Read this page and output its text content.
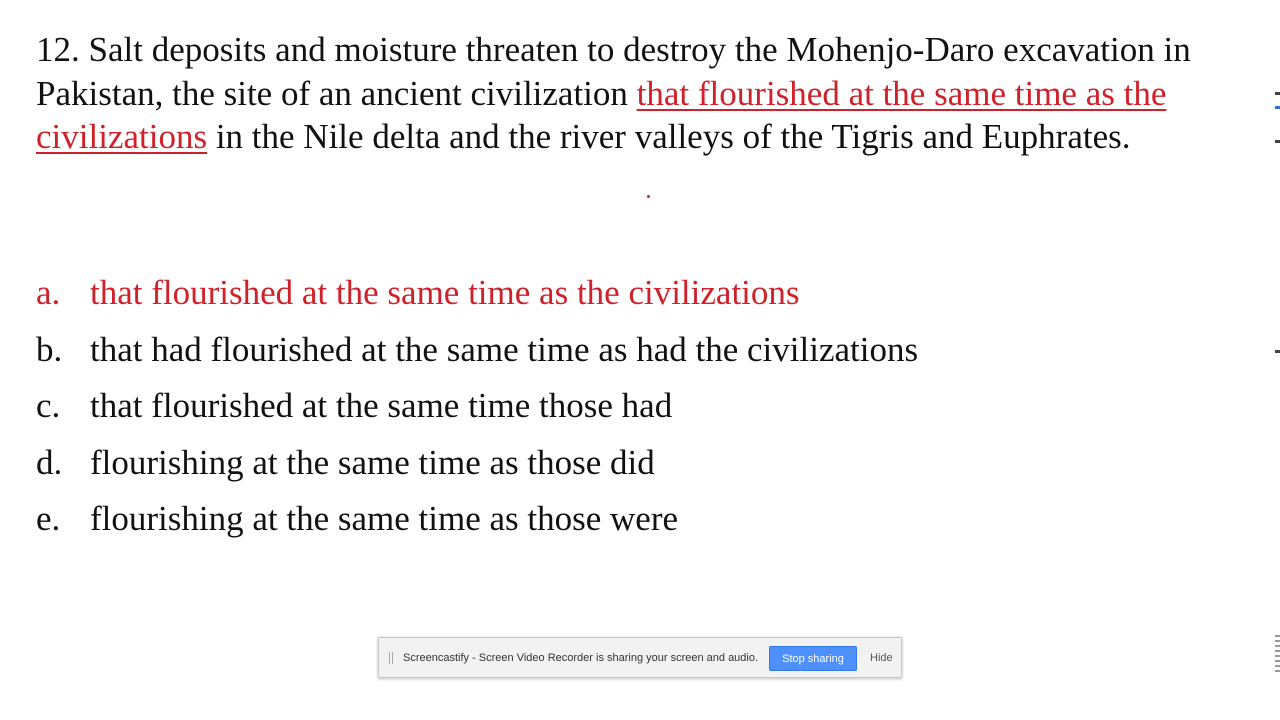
12. Salt deposits and moisture threaten to destroy the Mohenjo-Daro excavation in Pakistan, the site of an ancient civilization that flourished at the same time as the civilizations in the Nile delta and the river valleys of the Tigris and Euphrates.

a. that flourished at the same time as the civilizations
b. that had flourished at the same time as had the civilizations
c. that flourished at the same time those had
d. flourishing at the same time as those did
e. flourishing at the same time as those were
Screencastify - Screen Video Recorder is sharing your screen and audio.	Stop sharing	Hide
